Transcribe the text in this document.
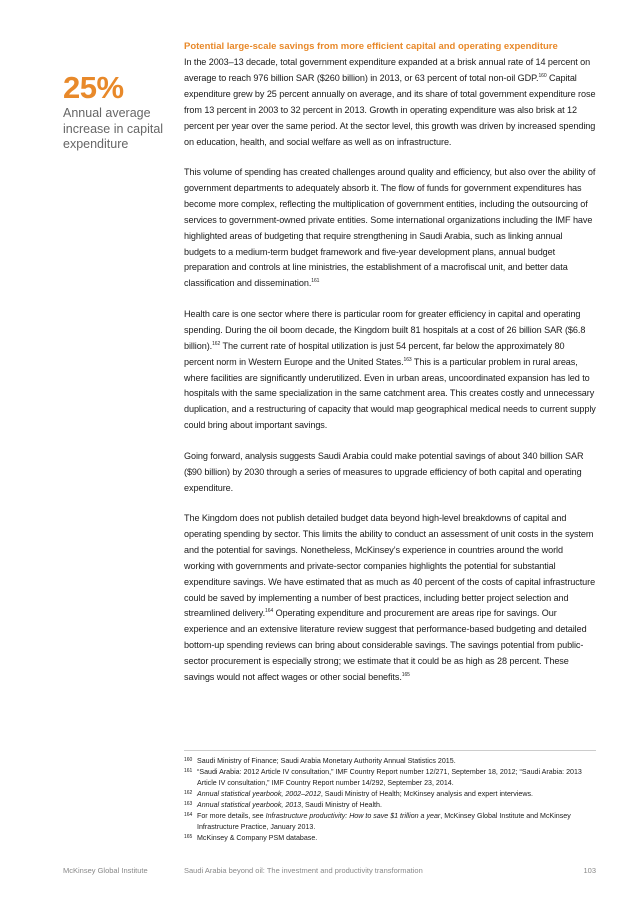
25%
Annual average increase in capital expenditure
Potential large-scale savings from more efficient capital and operating expenditure

In the 2003–13 decade, total government expenditure expanded at a brisk annual rate of 14 percent on average to reach 976 billion SAR ($260 billion) in 2013, or 63 percent of total non-oil GDP.$^{160}$ Capital expenditure grew by 25 percent annually on average, and its share of total government expenditure rose from 13 percent in 2003 to 32 percent in 2013. Growth in operating expenditure was also brisk at 12 percent per year over the same period. At the sector level, this growth was driven by increased spending on education, health, and social welfare as well as on infrastructure.

This volume of spending has created challenges around quality and efficiency, but also over the ability of government departments to adequately absorb it. The flow of funds for government expenditures has become more complex, reflecting the multiplication of government entities, including the outsourcing of services to government-owned private entities. Some international organizations including the IMF have highlighted areas of budgeting that require strengthening in Saudi Arabia, such as linking annual budgets to a medium-term budget framework and five-year development plans, annual budget preparation and controls at line ministries, the establishment of a macrofiscal unit, and better data classification and dissemination.$^{161}$

Health care is one sector where there is particular room for greater efficiency in capital and operating spending. During the oil boom decade, the Kingdom built 81 hospitals at a cost of 26 billion SAR ($6.8 billion).$^{162}$ The current rate of hospital utilization is just 54 percent, far below the approximately 80 percent norm in Western Europe and the United States.$^{163}$ This is a particular problem in rural areas, where facilities are significantly underutilized. Even in urban areas, uncoordinated expansion has led to hospitals with the same specialization in the same catchment area. This creates costly and unnecessary duplication, and a restructuring of capacity that would map geographical medical needs to current supply could bring about important savings.

Going forward, analysis suggests Saudi Arabia could make potential savings of about 340 billion SAR ($90 billion) by 2030 through a series of measures to upgrade efficiency of both capital and operating expenditure.

The Kingdom does not publish detailed budget data beyond high-level breakdowns of capital and operating spending by sector. This limits the ability to conduct an assessment of unit costs in the system and the potential for savings. Nonetheless, McKinsey’s experience in countries around the world working with governments and private-sector companies highlights the potential for substantial expenditure savings. We have estimated that as much as 40 percent of the costs of capital infrastructure could be saved by implementing a number of best practices, including better project selection and streamlined delivery.$^{164}$ Operating expenditure and procurement are areas ripe for savings. Our experience and an extensive literature review suggest that performance-based budgeting and detailed bottom-up spending reviews can bring about considerable savings. The savings potential from public-sector procurement is especially strong; we estimate that it could be as high as 28 percent. These savings would not affect wages or other social benefits.$^{165}$

160 Saudi Ministry of Finance; Saudi Arabia Monetary Authority Annual Statistics 2015.
161 “Saudi Arabia: 2012 Article IV consultation,” IMF Country Report number 12/271, September 18, 2012; “Saudi Arabia: 2013 Article IV consultation,” IMF Country Report number 14/292, September 23, 2014.
162 Annual statistical yearbook, 2002–2012, Saudi Ministry of Health; McKinsey analysis and expert interviews.
163 Annual statistical yearbook, 2013, Saudi Ministry of Health.
164 For more details, see Infrastructure productivity: How to save $1 trillion a year, McKinsey Global Institute and McKinsey Infrastructure Practice, January 2013.
165 McKinsey & Company PSM database.
McKinsey Global Institute	Saudi Arabia beyond oil: The investment and productivity transformation	103
